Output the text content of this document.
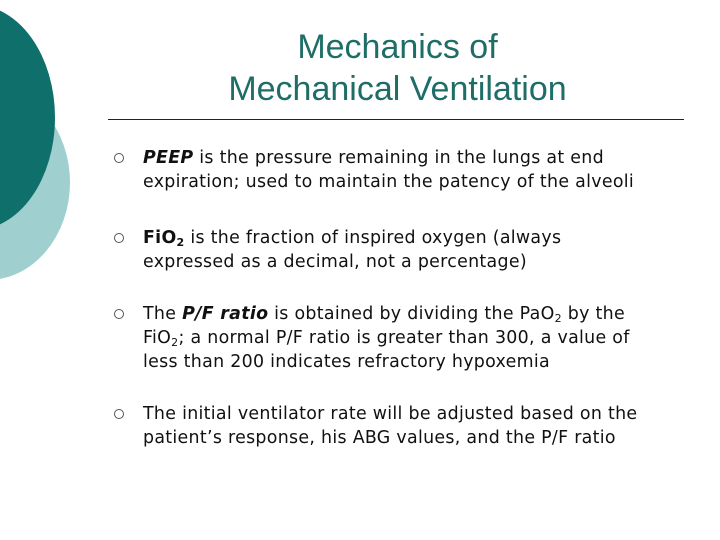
Mechanics of
Mechanical Ventilation
PEEP is the pressure remaining in the lungs at end
expiration; used to maintain the patency of the alveoli
FiO$_2$ is the fraction of inspired oxygen (always
expressed as a decimal, not a percentage)
The P/F ratio is obtained by dividing the PaO$_2$ by the
FiO$_2$; a normal P/F ratio is greater than 300, a value of
less than 200 indicates refractory hypoxemia
The initial ventilator rate will be adjusted based on the
patient’s response, his ABG values, and the P/F ratio
